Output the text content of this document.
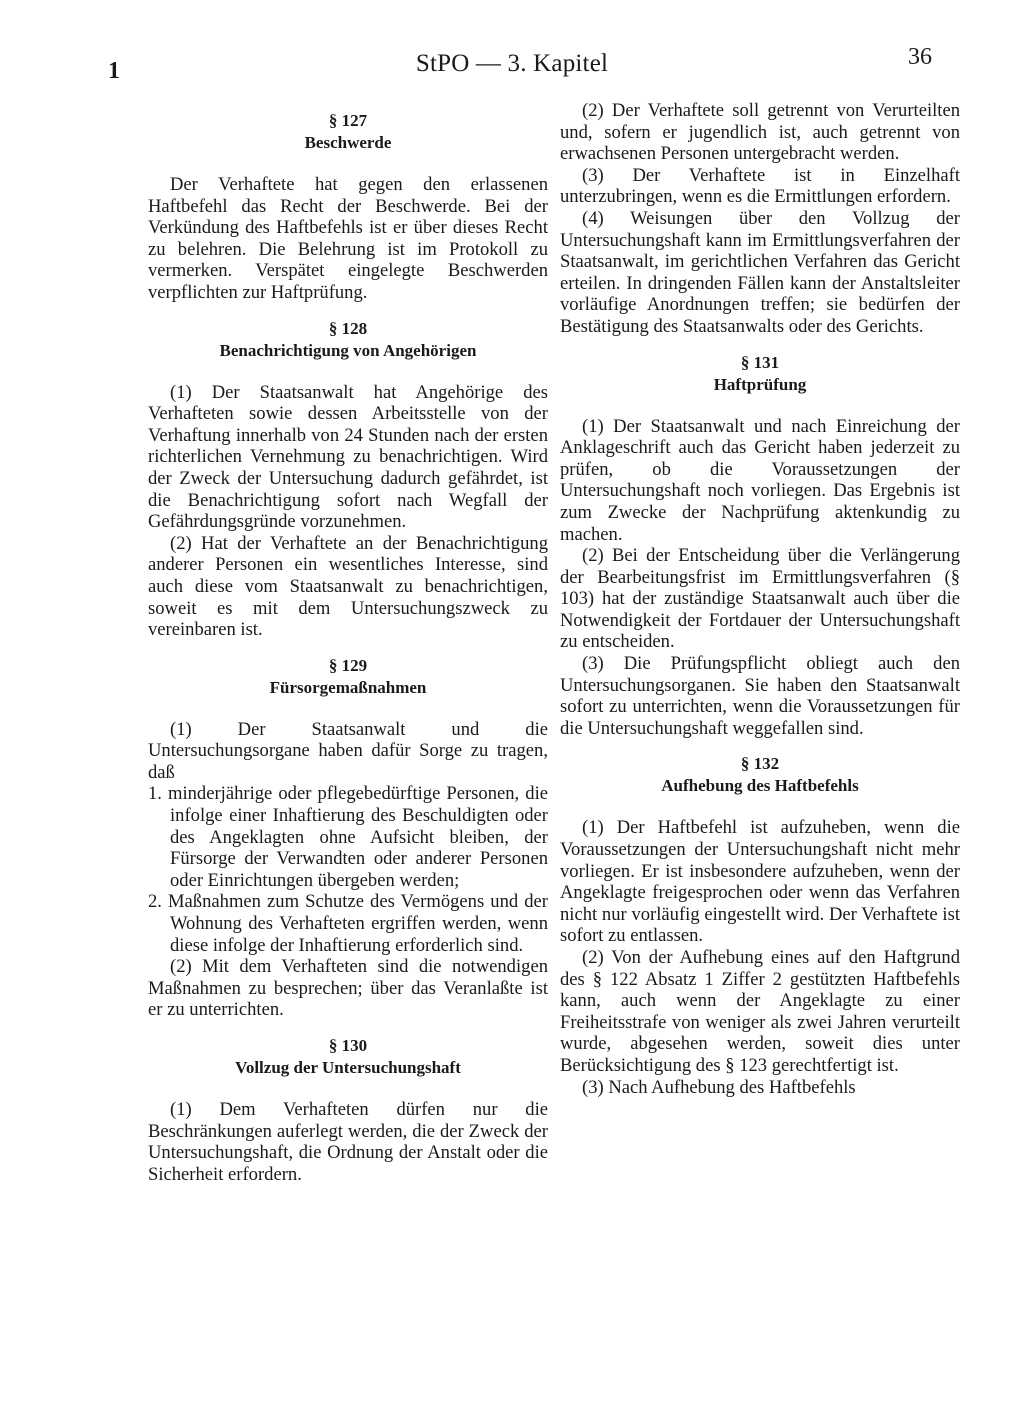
1	StPO — 3. Kapitel	36
§ 127
Beschwerde

Der Verhaftete hat gegen den erlassenen Haftbefehl das Recht der Beschwerde. Bei der Verkündung des Haftbefehls ist er über dieses Recht zu belehren. Die Belehrung ist im Protokoll zu vermerken. Verspätet eingelegte Beschwerden verpflichten zur Haftprüfung.

§ 128
Benachrichtigung von Angehörigen

(1) Der Staatsanwalt hat Angehörige des Verhafteten sowie dessen Arbeitsstelle von der Verhaftung innerhalb von 24 Stunden nach der ersten richterlichen Vernehmung zu benachrichtigen. Wird der Zweck der Untersuchung dadurch gefährdet, ist die Benachrichtigung sofort nach Wegfall der Gefährdungsgründe vorzunehmen.

(2) Hat der Verhaftete an der Benachrichtigung anderer Personen ein wesentliches Interesse, sind auch diese vom Staatsanwalt zu benachrichtigen, soweit es mit dem Untersuchungszweck zu vereinbaren ist.

§ 129
Fürsorgemaßnahmen

(1) Der Staatsanwalt und die Untersuchungsorgane haben dafür Sorge zu tragen, daß

1. minderjährige oder pflegebedürftige Personen, die infolge einer Inhaftierung des Beschuldigten oder des Angeklagten ohne Aufsicht bleiben, der Fürsorge der Verwandten oder anderer Personen oder Einrichtungen übergeben werden;

2. Maßnahmen zum Schutze des Vermögens und der Wohnung des Verhafteten ergriffen werden, wenn diese infolge der Inhaftierung erforderlich sind.

(2) Mit dem Verhafteten sind die notwendigen Maßnahmen zu besprechen; über das Veranlaßte ist er zu unterrichten.

§ 130
Vollzug der Untersuchungshaft

(1) Dem Verhafteten dürfen nur die Beschränkungen auferlegt werden, die der Zweck der Untersuchungshaft, die Ordnung der Anstalt oder die Sicherheit erfordern.

(2) Der Verhaftete soll getrennt von Verurteilten und, sofern er jugendlich ist, auch getrennt von erwachsenen Personen untergebracht werden.

(3) Der Verhaftete ist in Einzelhaft unterzubringen, wenn es die Ermittlungen erfordern.

(4) Weisungen über den Vollzug der Untersuchungshaft kann im Ermittlungsverfahren der Staatsanwalt, im gerichtlichen Verfahren das Gericht erteilen. In dringenden Fällen kann der Anstaltsleiter vorläufige Anordnungen treffen; sie bedürfen der Bestätigung des Staatsanwalts oder des Gerichts.

§ 131
Haftprüfung

(1) Der Staatsanwalt und nach Einreichung der Anklageschrift auch das Gericht haben jederzeit zu prüfen, ob die Voraussetzungen der Untersuchungshaft noch vorliegen. Das Ergebnis ist zum Zwecke der Nachprüfung aktenkundig zu machen.

(2) Bei der Entscheidung über die Verlängerung der Bearbeitungsfrist im Ermittlungsverfahren (§ 103) hat der zuständige Staatsanwalt auch über die Notwendigkeit der Fortdauer der Untersuchungshaft zu entscheiden.

(3) Die Prüfungspflicht obliegt auch den Untersuchungsorganen. Sie haben den Staatsanwalt sofort zu unterrichten, wenn die Voraussetzungen für die Untersuchungshaft weggefallen sind.

§ 132
Aufhebung des Haftbefehls

(1) Der Haftbefehl ist aufzuheben, wenn die Voraussetzungen der Untersuchungshaft nicht mehr vorliegen. Er ist insbesondere aufzuheben, wenn der Angeklagte freigesprochen oder wenn das Verfahren nicht nur vorläufig eingestellt wird. Der Verhaftete ist sofort zu entlassen.

(2) Von der Aufhebung eines auf den Haftgrund des § 122 Absatz 1 Ziffer 2 gestützten Haftbefehls kann, auch wenn der Angeklagte zu einer Freiheitsstrafe von weniger als zwei Jahren verurteilt wurde, abgesehen werden, soweit dies unter Berücksichtigung des § 123 gerechtfertigt ist.

(3) Nach Aufhebung des Haftbefehls
